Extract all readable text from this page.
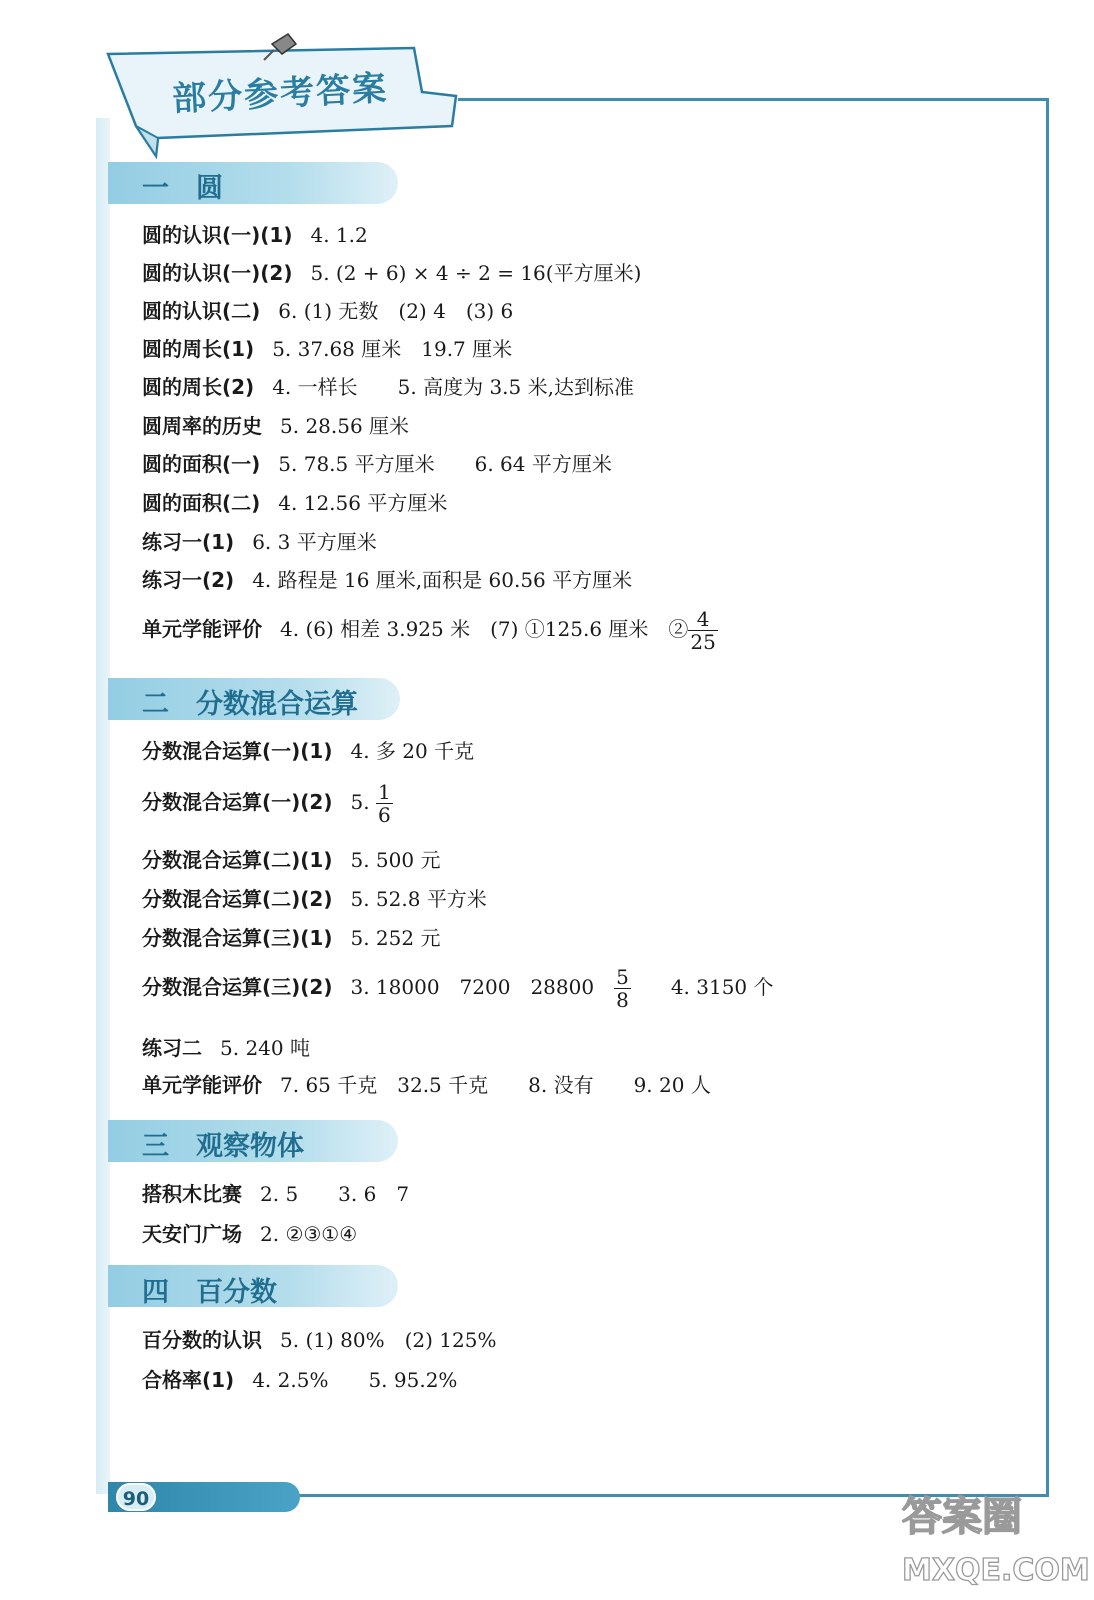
部分参考答案
一　圆
圆的认识(一)(1) 4. 1.2
圆的认识(一)(2) 5. (2 + 6) × 4 ÷ 2 = 16(平方厘米)
圆的认识(二) 6. (1) 无数　(2) 4　(3) 6
圆的周长(1) 5. 37.68 厘米　19.7 厘米
圆的周长(2) 4. 一样长　　5. 高度为 3.5 米,达到标准
圆周率的历史 5. 28.56 厘米
圆的面积(一) 5. 78.5 平方厘米　　6. 64 平方厘米
圆的面积(二) 4. 12.56 平方厘米
练习一(1) 6. 3 平方厘米
练习一(2) 4. 路程是 16 厘米,面积是 60.56 平方厘米
单元学能评价 4. (6) 相差 3.925 米　(7) ①125.6 厘米　② $\frac{4}{25}$
二　分数混合运算
分数混合运算(一)(1) 4. 多 20 千克
分数混合运算(一)(2) 5. $\frac{1}{6}$
分数混合运算(二)(1) 5. 500 元
分数混合运算(二)(2) 5. 52.8 平方米
分数混合运算(三)(1) 5. 252 元
分数混合运算(三)(2) 3. 18000　7200　28800　 $\frac{5}{8} 4$. 3150 个
练习二 5. 240 吨
单元学能评价 7. 65 千克　32.5 千克　　8. 没有　　9. 20 人
三　观察物体
搭积木比赛 2. 5　　3. 6　7
天安门广场 2. ②③①④
四　百分数
百分数的认识 5. (1) 80%　(2) 125%
合格率(1) 4. 2.5%　　5. 95.2%
90	答案圈
MXQE.COM
